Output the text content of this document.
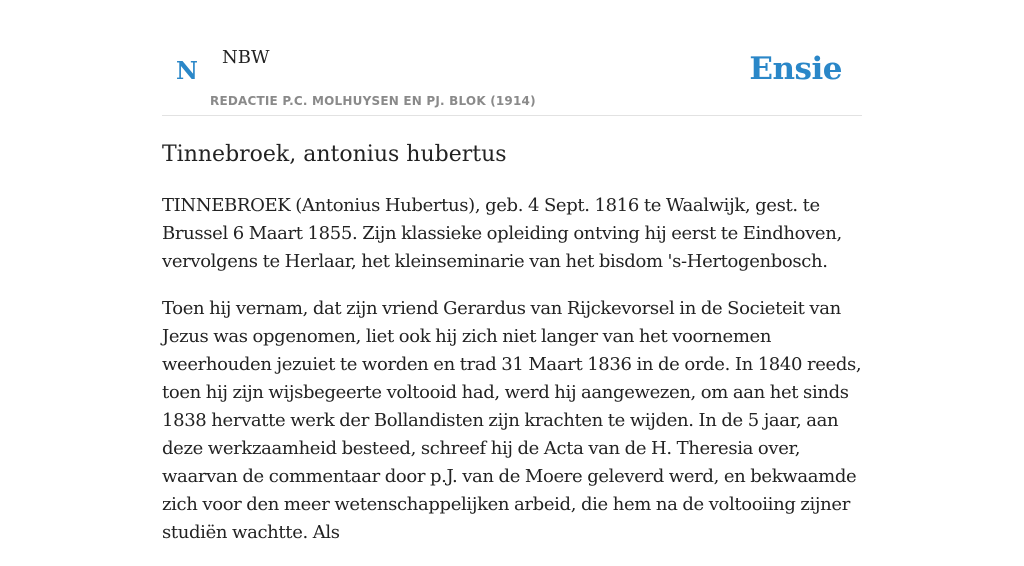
N NBW
REDACTIE P.C. MOLHUYSEN EN PJ. BLOK (1914)
Ensie
Tinnebroek, antonius hubertus

TINNEBROEK (Antonius Hubertus), geb. 4 Sept. 1816 te Waalwijk, gest. te Brussel 6 Maart 1855. Zijn klassieke opleiding ontving hij eerst te Eindhoven, vervolgens te Herlaar, het kleinseminarie van het bisdom 's-Hertogenbosch.

Toen hij vernam, dat zijn vriend Gerardus van Rijckevorsel in de Societeit van Jezus was opgenomen, liet ook hij zich niet langer van het voornemen weerhouden jezuiet te worden en trad 31 Maart 1836 in de orde. In 1840 reeds, toen hij zijn wijsbegeerte voltooid had, werd hij aangewezen, om aan het sinds 1838 hervatte werk der Bollandisten zijn krachten te wijden. In de 5 jaar, aan deze werkzaamheid besteed, schreef hij de Acta van de H. Theresia over, waarvan de commentaar door p.J. van de Moere geleverd werd, en bekwaamde zich voor den meer wetenschappelijken arbeid, die hem na de voltooiing zijner studiën wachtte. Als
